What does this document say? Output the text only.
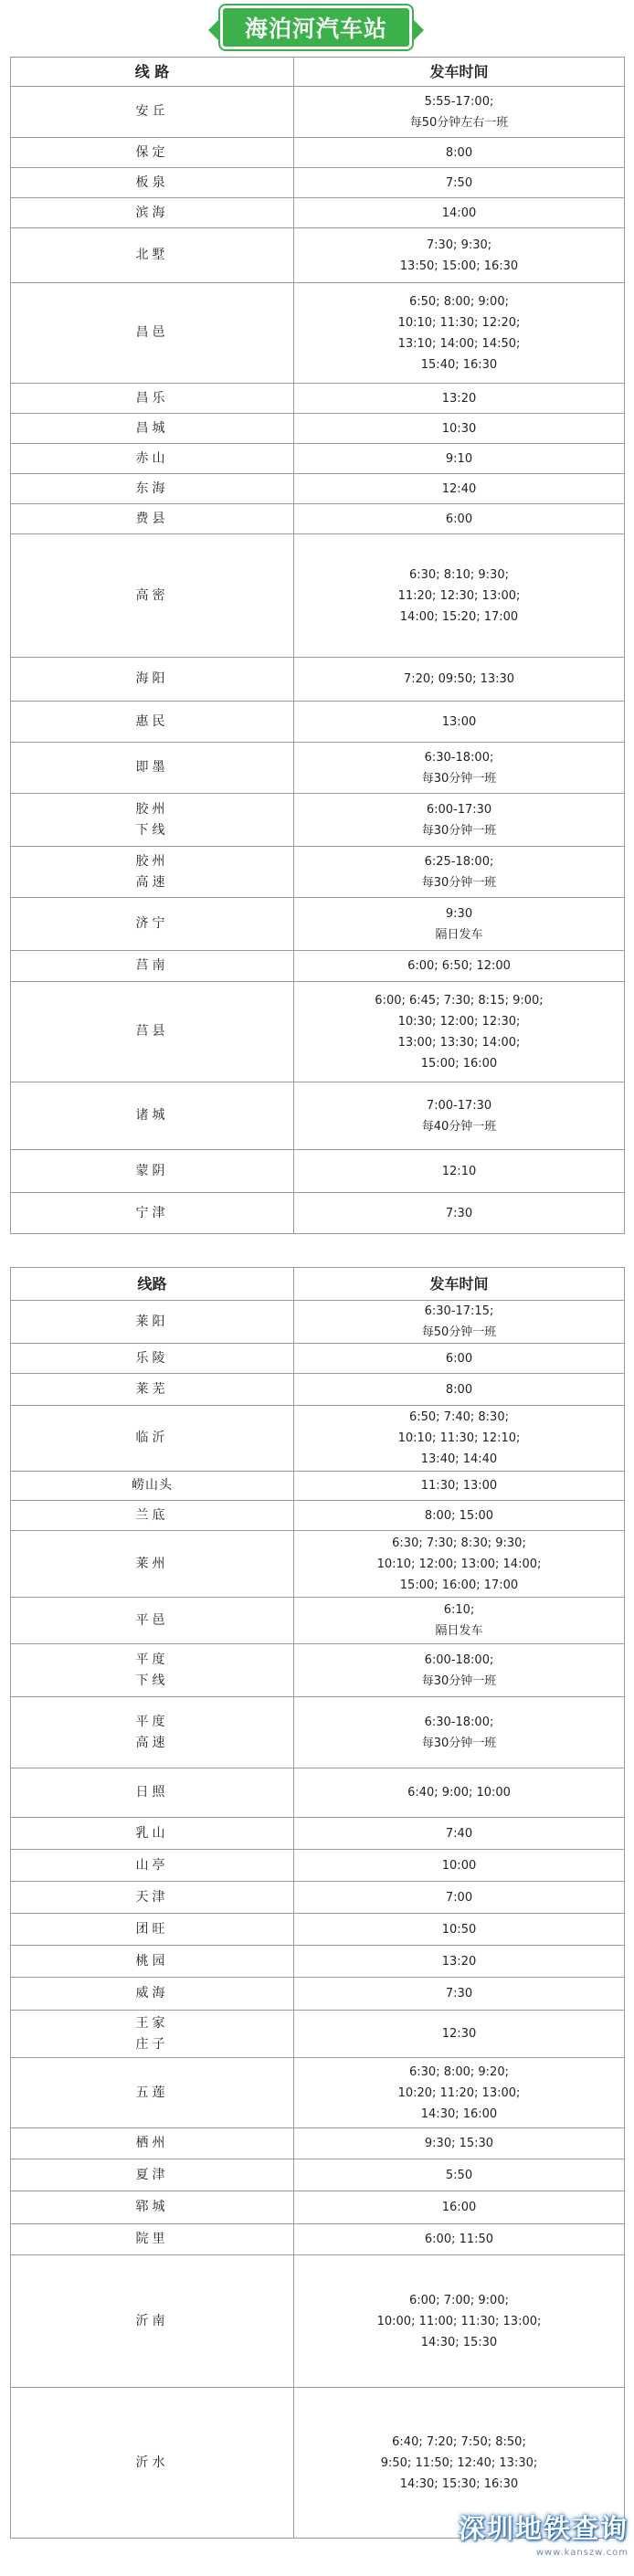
海泊河汽车站
线 路	发车时间
安丘	5:55-17:00;
每50分钟左右一班
保定	8:00
板泉	7:50
滨海	14:00
北墅	7:30; 9:30;
13:50; 15:00; 16:30
昌邑	6:50; 8:00; 9:00;
10:10; 11:30; 12:20;
13:10; 14:00; 14:50;
15:40; 16:30
昌乐	13:20
昌城	10:30
赤山	9:10
东海	12:40
费县	6:00
高密	6:30; 8:10; 9:30;
11:20; 12:30; 13:00;
14:00; 15:20; 17:00
海阳	7:20; 09:50; 13:30
惠民	13:00
即墨	6:30-18:00;
每30分钟一班
胶州
下线	6:00-17:30
每30分钟一班
胶州
高速	6:25-18:00;
每30分钟一班
济宁	9:30
隔日发车
莒南	6:00; 6:50; 12:00
莒县	6:00; 6:45; 7:30; 8:15; 9:00;
10:30; 12:00; 12:30;
13:00; 13:30; 14:00;
15:00; 16:00
诸城	7:00-17:30
每40分钟一班
蒙阴	12:10
宁津	7:30
线路	发车时间
莱阳	6:30-17:15;
每50分钟一班
乐陵	6:00
莱芜	8:00
临沂	6:50; 7:40; 8:30;
10:10; 11:30; 12:10;
13:40; 14:40
崂山头	11:30; 13:00
兰底	8:00; 15:00
莱州	6:30; 7:30; 8:30; 9:30;
10:10; 12:00; 13:00; 14:00;
15:00; 16:00; 17:00
平邑	6:10;
隔日发车
平度
下线	6:00-18:00;
每30分钟一班
平度
高速	6:30-18:00;
每30分钟一班
日照	6:40; 9:00; 10:00
乳山	7:40
山亭	10:00
天津	7:00
团旺	10:50
桃园	13:20
威海	7:30
王家
庄子	12:30
五莲	6:30; 8:00; 9:20;
10:20; 11:20; 13:00;
14:30; 16:00
栖州	9:30; 15:30
夏津	5:50
郓城	16:00
院里	6:00; 11:50
沂南	6:00; 7:00; 9:00;
10:00; 11:00; 11:30; 13:00;
14:30; 15:30
沂水	6:40; 7:20; 7:50; 8:50;
9:50; 11:50; 12:40; 13:30;
14:30; 15:30; 16:30
深圳地铁查询
www.kanszw.com
